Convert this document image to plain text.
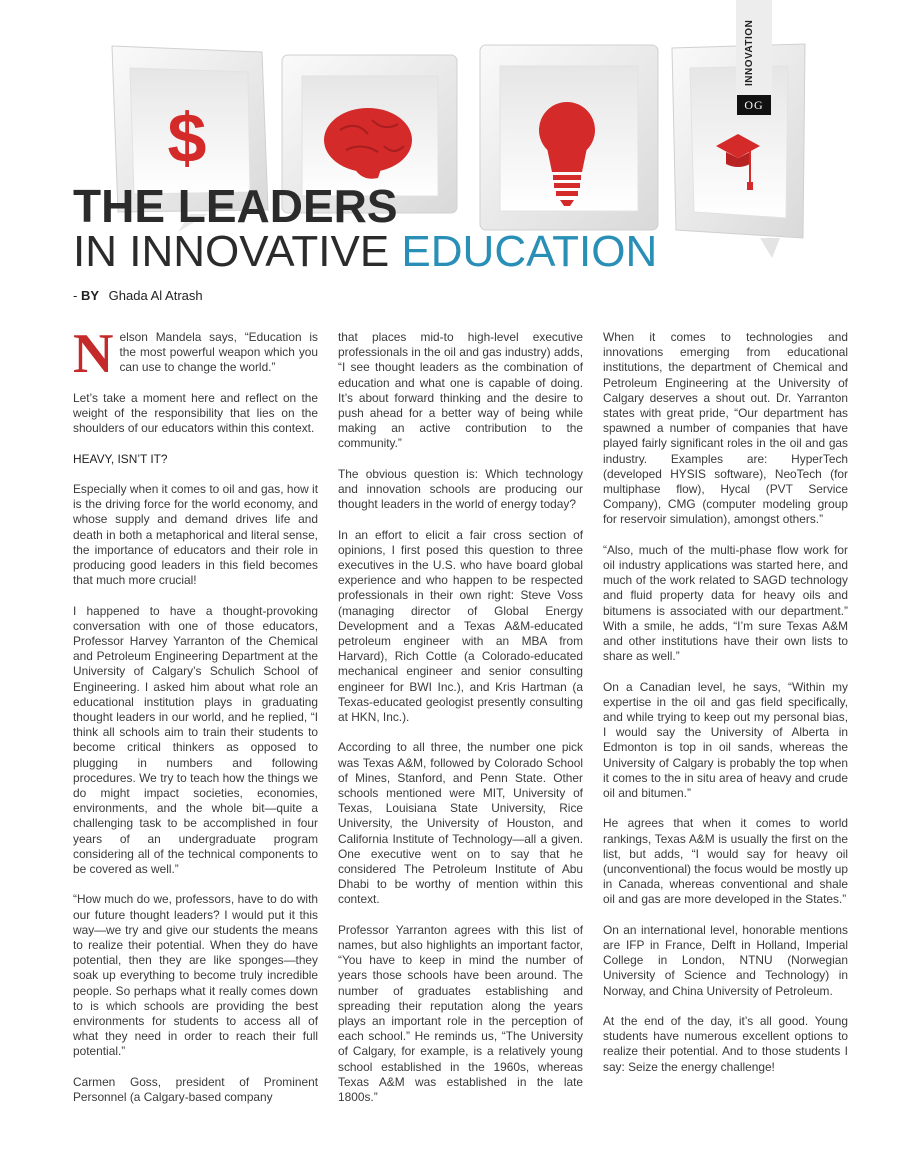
$
INNOVATION
OG
THE LEADERS
IN INNOVATIVE EDUCATION
- BY Ghada Al Atrash

Nelson Mandela says, “Education is the most powerful weapon which you can use to change the world.”

Let’s take a moment here and reflect on the weight of the responsibility that lies on the shoulders of our educators within this context.

HEAVY, ISN’T IT?

Especially when it comes to oil and gas, how it is the driving force for the world economy, and whose supply and demand drives life and death in both a metaphorical and literal sense, the importance of educators and their role in producing good leaders in this field becomes that much more crucial!

I happened to have a thought-provoking conversation with one of those educators, Professor Harvey Yarranton of the Chemical and Petroleum Engineering Department at the University of Calgary’s Schulich School of Engineering. I asked him about what role an educational institution plays in graduating thought leaders in our world, and he replied, “I think all schools aim to train their students to become critical thinkers as opposed to plugging in numbers and following procedures. We try to teach how the things we do might impact societies, economies, environments, and the whole bit—quite a challenging task to be accomplished in four years of an undergraduate program considering all of the technical components to be covered as well.”

“How much do we, professors, have to do with our future thought leaders? I would put it this way—we try and give our students the means to realize their potential. When they do have potential, then they are like sponges—they soak up everything to become truly incredible people. So perhaps what it really comes down to is which schools are providing the best environments for students to access all of what they need in order to reach their full potential.”

Carmen Goss, president of Prominent Personnel (a Calgary-based company

that places mid-to high-level executive professionals in the oil and gas industry) adds, “I see thought leaders as the combination of education and what one is capable of doing. It’s about forward thinking and the desire to push ahead for a better way of being while making an active contribution to the community.”

The obvious question is: Which technology and innovation schools are producing our thought leaders in the world of energy today?

In an effort to elicit a fair cross section of opinions, I first posed this question to three executives in the U.S. who have board global experience and who happen to be respected professionals in their own right: Steve Voss (managing director of Global Energy Development and a Texas A&M-educated petroleum engineer with an MBA from Harvard), Rich Cottle (a Colorado-educated mechanical engineer and senior consulting engineer for BWI Inc.), and Kris Hartman (a Texas-educated geologist presently consulting at HKN, Inc.).

According to all three, the number one pick was Texas A&M, followed by Colorado School of Mines, Stanford, and Penn State. Other schools mentioned were MIT, University of Texas, Louisiana State University, Rice University, the University of Houston, and California Institute of Technology—all a given. One executive went on to say that he considered The Petroleum Institute of Abu Dhabi to be worthy of mention within this context.

Professor Yarranton agrees with this list of names, but also highlights an important factor, “You have to keep in mind the number of years those schools have been around. The number of graduates establishing and spreading their reputation along the years plays an important role in the perception of each school.” He reminds us, “The University of Calgary, for example, is a relatively young school established in the 1960s, whereas Texas A&M was established in the late 1800s.”

When it comes to technologies and innovations emerging from educational institutions, the department of Chemical and Petroleum Engineering at the University of Calgary deserves a shout out. Dr. Yarranton states with great pride, “Our department has spawned a number of companies that have played fairly significant roles in the oil and gas industry. Examples are: HyperTech (developed HYSIS software), NeoTech (for multiphase flow), Hycal (PVT Service Company), CMG (computer modeling group for reservoir simulation), amongst others.”

“Also, much of the multi-phase flow work for oil industry applications was started here, and much of the work related to SAGD technology and fluid property data for heavy oils and bitumens is associated with our department.” With a smile, he adds, “I’m sure Texas A&M and other institutions have their own lists to share as well.”

On a Canadian level, he says, “Within my expertise in the oil and gas field specifically, and while trying to keep out my personal bias, I would say the University of Alberta in Edmonton is top in oil sands, whereas the University of Calgary is probably the top when it comes to the in situ area of heavy and crude oil and bitumen.”

He agrees that when it comes to world rankings, Texas A&M is usually the first on the list, but adds, “I would say for heavy oil (unconventional) the focus would be mostly up in Canada, whereas conventional and shale oil and gas are more developed in the States.”

On an international level, honorable mentions are IFP in France, Delft in Holland, Imperial College in London, NTNU (Norwegian University of Science and Technology) in Norway, and China University of Petroleum.

At the end of the day, it’s all good. Young students have numerous excellent options to realize their potential. And to those students I say: Seize the energy challenge!
